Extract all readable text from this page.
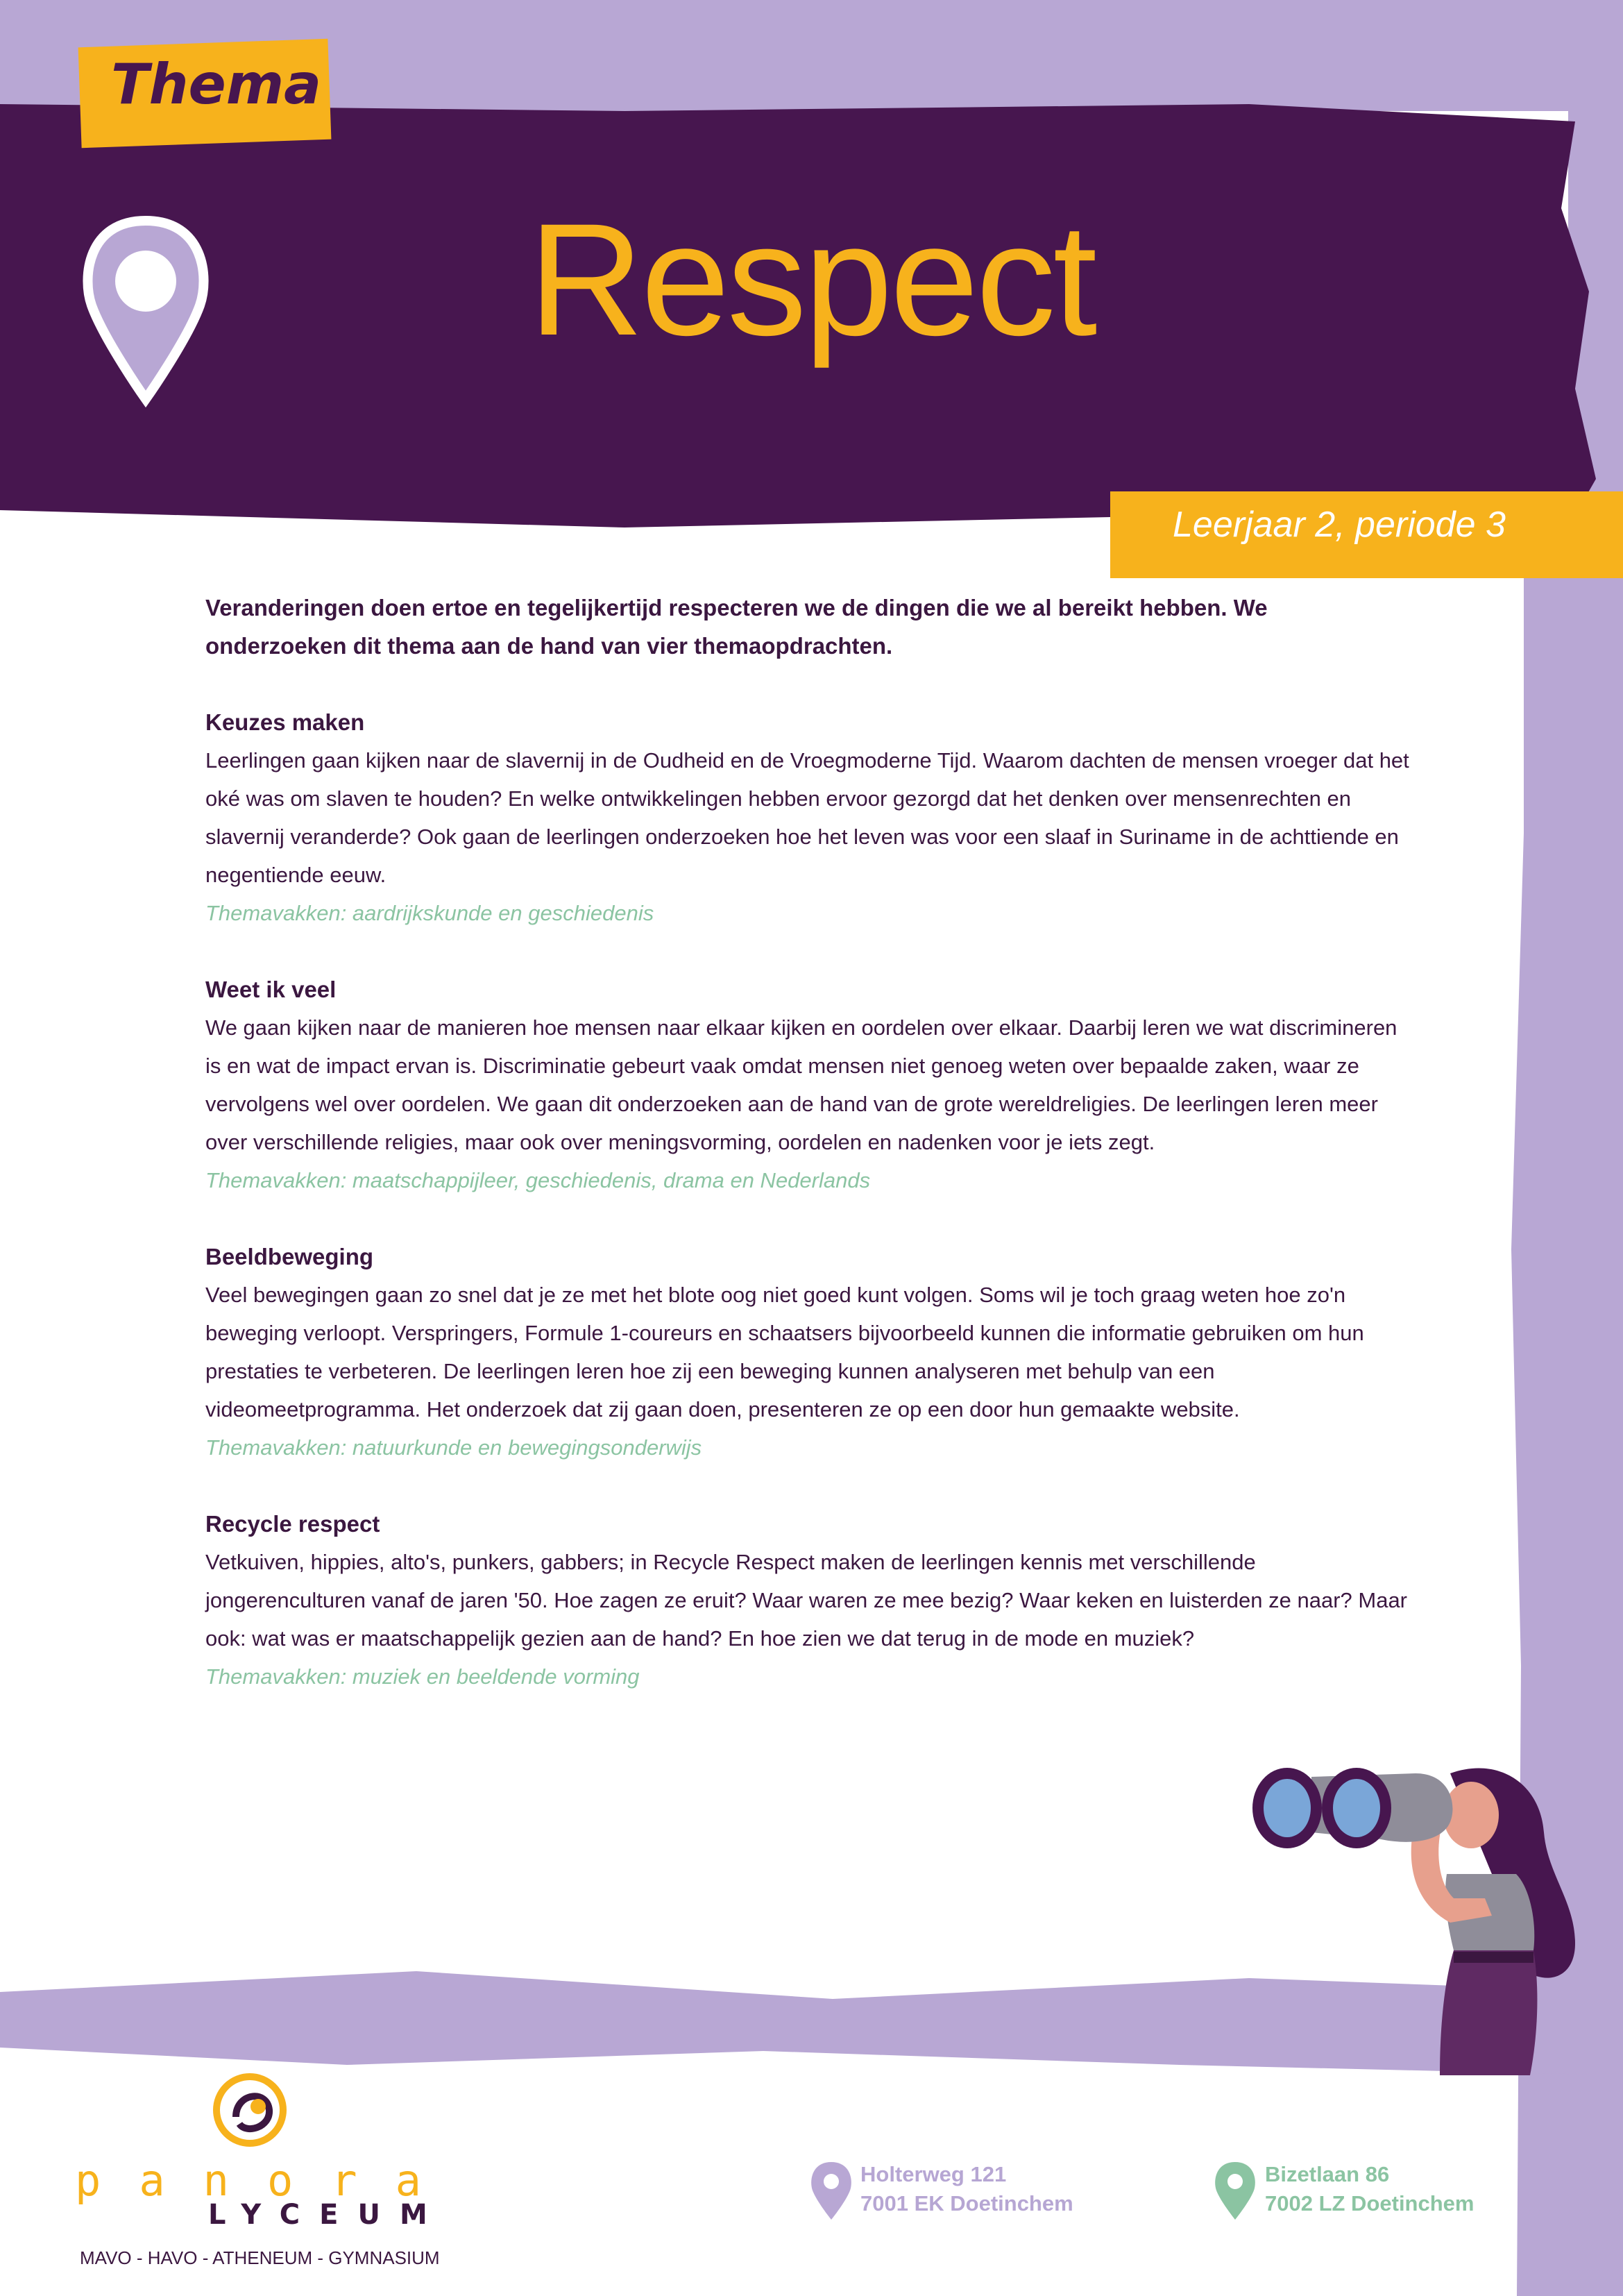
Thema
Respect
Leerjaar 2, periode 3

Veranderingen doen ertoe en tegelijkertijd respecteren we de dingen die we al bereikt hebben. We onderzoeken dit thema aan de hand van vier themaopdrachten.

Keuzes maken

Leerlingen gaan kijken naar de slavernij in de Oudheid en de Vroegmoderne Tijd. Waarom dachten de mensen vroeger dat het oké was om slaven te houden? En welke ontwikkelingen hebben ervoor gezorgd dat het denken over mensenrechten en slavernij veranderde? Ook gaan de leerlingen onderzoeken hoe het leven was voor een slaaf in Suriname in de achttiende en negentiende eeuw.

Themavakken: aardrijkskunde en geschiedenis

Weet ik veel

We gaan kijken naar de manieren hoe mensen naar elkaar kijken en oordelen over elkaar. Daarbij leren we wat discrimineren is en wat de impact ervan is. Discriminatie gebeurt vaak omdat mensen niet genoeg weten over bepaalde zaken, waar ze vervolgens wel over oordelen. We gaan dit onderzoeken aan de hand van de grote wereldreligies. De leerlingen leren meer over verschillende religies, maar ook over meningsvorming, oordelen en nadenken voor je iets zegt.

Themavakken: maatschappijleer, geschiedenis, drama en Nederlands

Beeldbeweging

Veel bewegingen gaan zo snel dat je ze met het blote oog niet goed kunt volgen. Soms wil je toch graag weten hoe zo'n beweging verloopt. Verspringers, Formule 1-coureurs en schaatsers bijvoorbeeld kunnen die informatie gebruiken om hun prestaties te verbeteren. De leerlingen leren hoe zij een beweging kunnen analyseren met behulp van een videomeetprogramma. Het onderzoek dat zij gaan doen, presenteren ze op een door hun gemaakte website.

Themavakken: natuurkunde en bewegingsonderwijs

Recycle respect

Vetkuiven, hippies, alto's, punkers, gabbers; in Recycle Respect maken de leerlingen kennis met verschillende jongerenculturen vanaf de jaren '50. Hoe zagen ze eruit? Waar waren ze mee bezig? Waar keken en luisterden ze naar? Maar ook: wat was er maatschappelijk gezien aan de hand? En hoe zien we dat terug in de mode en muziek?

Themavakken: muziek en beeldende vorming

panora
LYCEUM
MAVO - HAVO - ATHENEUM - GYMNASIUM
Holterweg 121
7001 EK Doetinchem
Bizetlaan 86
7002 LZ Doetinchem
